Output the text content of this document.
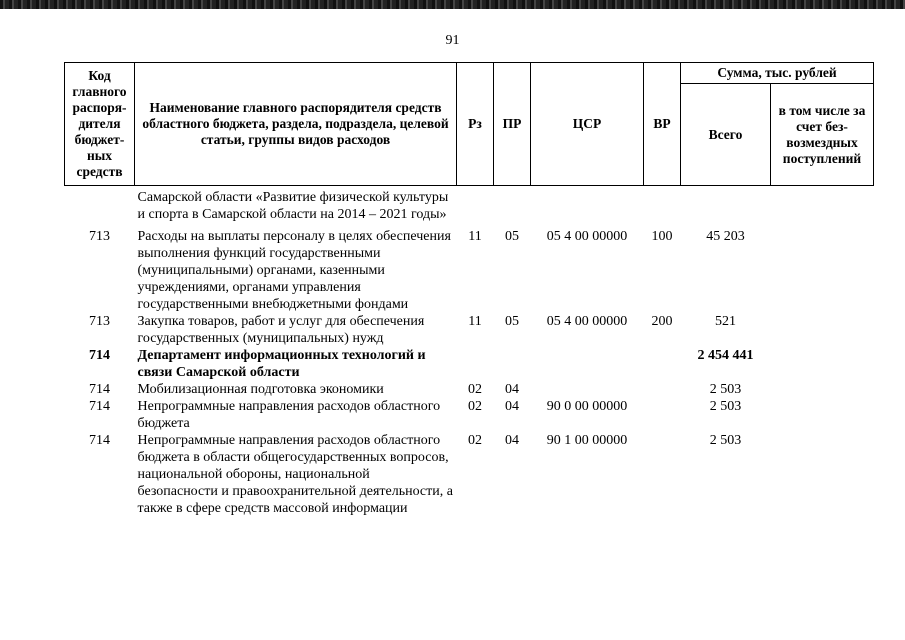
91
Код главного распоря-дителя бюджет-ных средств	Наименование главного распорядителя средств областного бюджета, раздела, подраздела, целевой статьи, группы видов расходов	Рз	ПР	ЦСР	ВР	Сумма, тыс. рублей	
						Всего	в том числе за счет без-возмездных поступлений
	Самарской области «Развитие физической культуры и спорта в Самарской области на 2014 – 2021 годы»						
713	Расходы на выплаты персоналу в целях обеспечения выполнения функций государственными (муниципальными) органами, казенными учреждениями, органами управления государственными внебюджетными фондами	11	05	05 4 00 00000	100	45 203	
713	Закупка товаров, работ и услуг для обеспечения государственных (муниципальных) нужд	11	05	05 4 00 00000	200	521	
714	Департамент информационных технологий и связи Самарской области					2 454 441	
714	Мобилизационная подготовка экономики	02	04			2 503	
714	Непрограммные направления расходов областного бюджета	02	04	90 0 00 00000		2 503	
714	Непрограммные направления расходов областного бюджета в области общегосударственных вопросов, национальной обороны, национальной безопасности и правоохранительной деятельности, а также в сфере средств массовой информации	02	04	90 1 00 00000		2 503	
